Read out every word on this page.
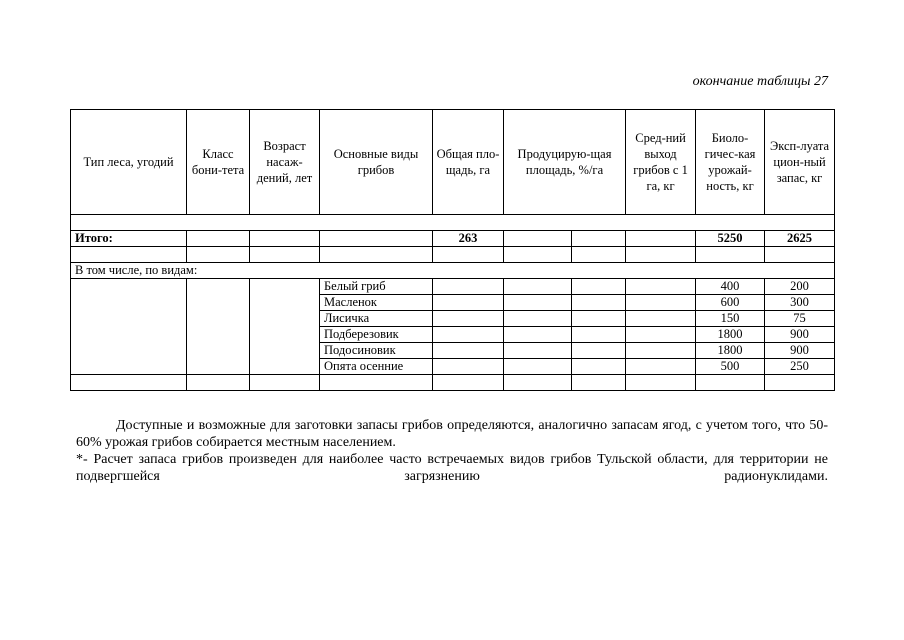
окончание таблицы 27
Тип леса, угодий	Класс бони-тета	Возраст насаж-дений, лет	Основные виды грибов	Общая пло-щадь, га	Продуцирую-щая площадь, %/га		Сред-ний выход грибов с 1 га, кг	Биоло-гичес-кая урожай-ность, кг	Эксп-луата цион-ный запас, кг

Итого:				263				5250	2625

В том числе, по видам:									
			Белый гриб					400	200
			Масленок					600	300
			Лисичка					150	75
			Подберезовик					1800	900
			Подосиновик					1800	900
			Опята осенние					500	250

Доступные и возможные для заготовки запасы грибов определяются, аналогично запасам ягод, с учетом того, что 50-60% урожая грибов собирается местным населением.
*- Расчет запаса грибов произведен для наиболее часто встречаемых видов грибов Тульской области, для территории не подвергшейся загрязнению радионуклидами.
